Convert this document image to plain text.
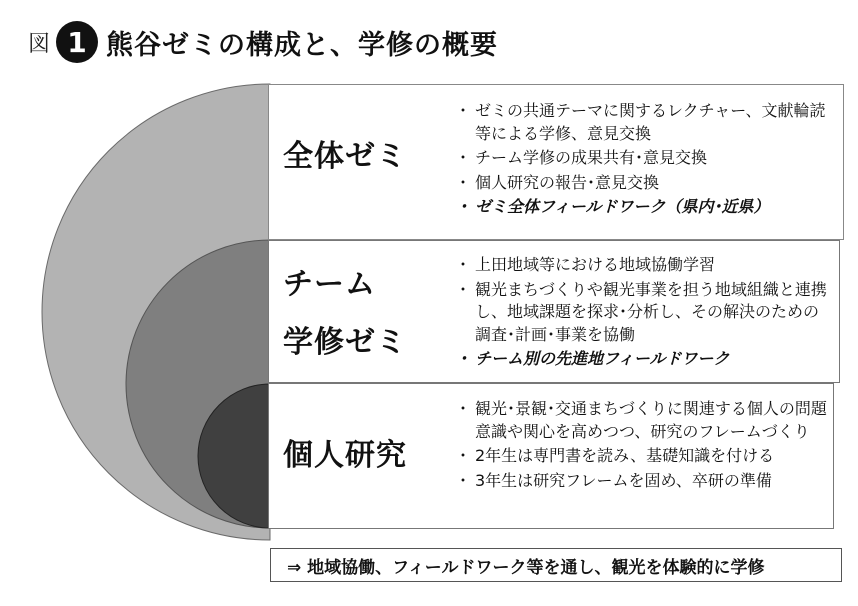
図 1 熊谷ゼミの構成と、学修の概要
全体ゼミ
・ ゼミの共通テーマに関するレクチャー、文献輪読等による学修、意見交換
・ チーム学修の成果共有･意見交換
・ 個人研究の報告･意見交換
・ ゼミ全体フィールドワーク（県内･近県）
チーム
学修ゼミ
・ 上田地域等における地域協働学習
・ 観光まちづくりや観光事業を担う地域組織と連携し、地域課題を探求･分析し、その解決のための調査･計画･事業を協働
・ チーム別の先進地フィールドワーク
個人研究
・ 観光･景観･交通まちづくりに関連する個人の問題意識や関心を高めつつ、研究のフレームづくり
・ 2年生は専門書を読み、基礎知識を付ける
・ 3年生は研究フレームを固め、卒研の準備
⇒ 地域協働、フィールドワーク等を通し、観光を体験的に学修
